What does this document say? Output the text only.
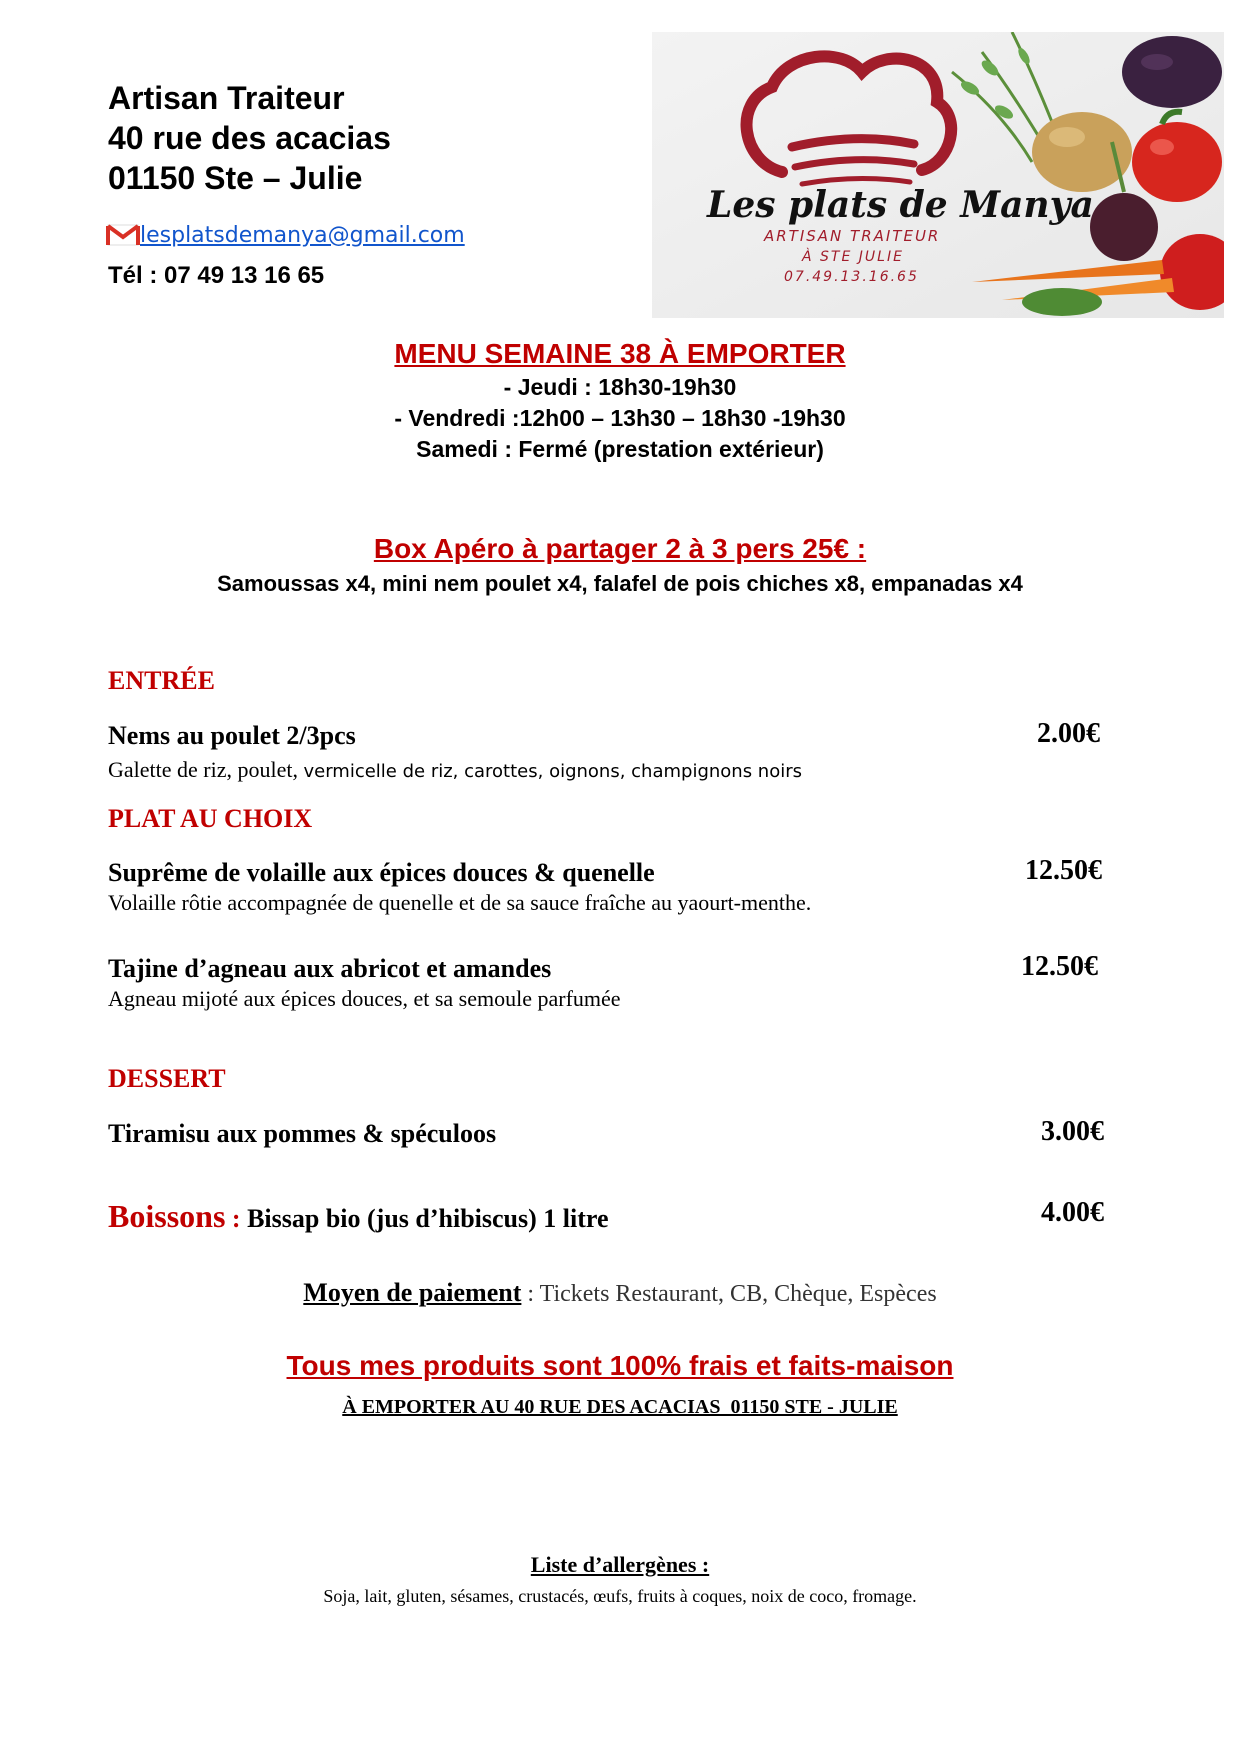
Artisan Traiteur
40 rue des acacias
01150 Ste – Julie
lesplatsdemanya@gmail.com
Tél : 07 49 13 16 65
Les plats de Manya
ARTISAN TRAITEUR
À STE JULIE
07.49.13.16.65
MENU SEMAINE 38 À EMPORTER
- Jeudi : 18h30-19h30
- Vendredi :12h00 – 13h30 – 18h30 -19h30
Samedi : Fermé (prestation extérieur)
Box Apéro à partager 2 à 3 pers 25€ :
Samoussas x4, mini nem poulet x4, falafel de pois chiches x8, empanadas x4
ENTRÉE
Nems au poulet 2/3pcs	2.00€
Galette de riz, poulet, vermicelle de riz, carottes, oignons, champignons noirs
PLAT AU CHOIX
Suprême de volaille aux épices douces & quenelle	12.50€
Volaille rôtie accompagnée de quenelle et de sa sauce fraîche au yaourt-menthe.
Tajine d’agneau aux abricot et amandes	12.50€
Agneau mijoté aux épices douces, et sa semoule parfumée
DESSERT
Tiramisu aux pommes & spéculoos	3.00€
Boissons : Bissap bio (jus d’hibiscus) 1 litre	4.00€
Moyen de paiement : Tickets Restaurant, CB, Chèque, Espèces
Tous mes produits sont 100% frais et faits-maison
À EMPORTER AU 40 RUE DES ACACIAS  01150 STE - JULIE
Liste d’allergènes :
Soja, lait, gluten, sésames, crustacés, œufs, fruits à coques, noix de coco, fromage.
